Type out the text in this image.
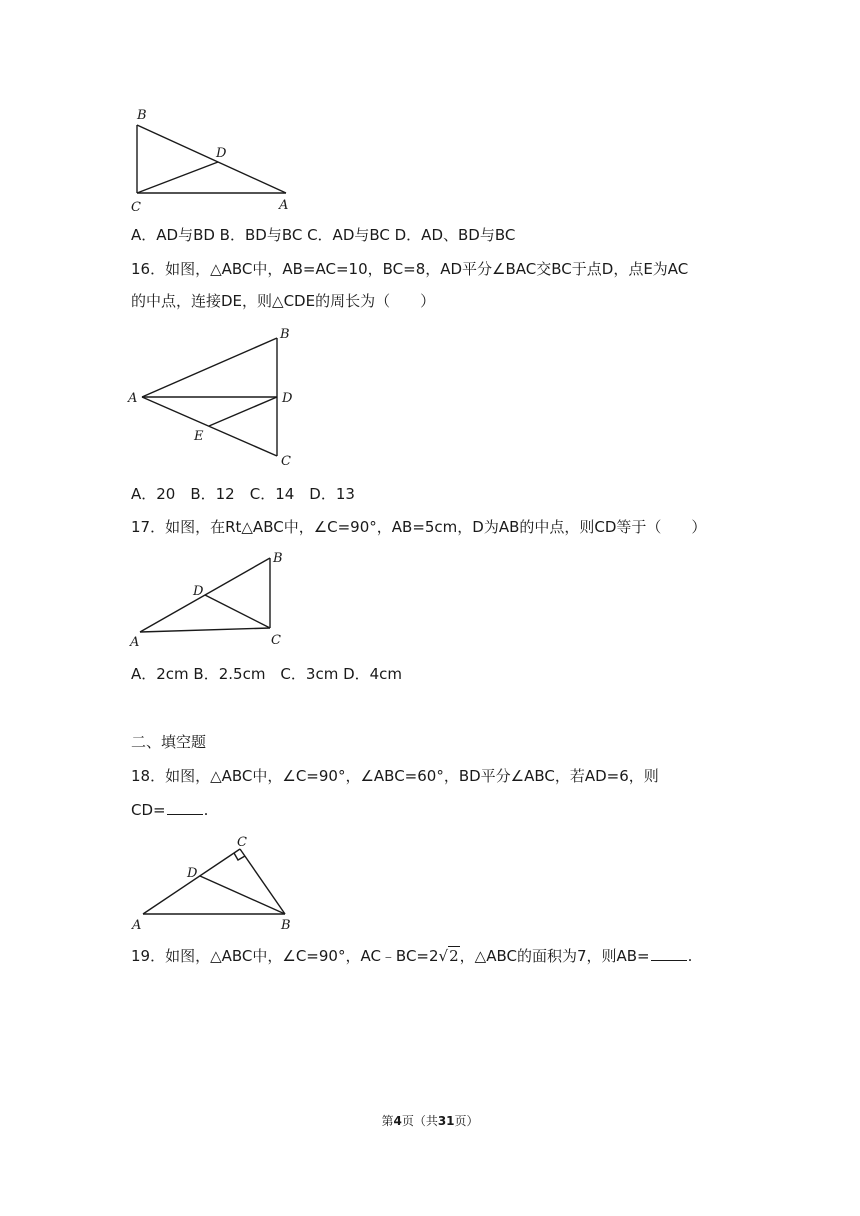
B
D
C	A
A．AD与BD B．BD与BC C．AD与BC D．AD、BD与BC
16．如图，△ABC中，AB=AC=10，BC=8，AD平分∠BAC交BC于点D，点E为AC
的中点，连接DE，则△CDE的周长为（　　）
B
A	D
E
C
A．20　B．12　C．14　D．13
17．如图，在Rt△ABC中，∠C=90°，AB=5cm，D为AB的中点，则CD等于（　　）
B
D
A	C
A．2cm B．2.5cm　C．3cm D．4cm
二、填空题
18．如图，△ABC中，∠C=90°，∠ABC=60°，BD平分∠ABC，若AD=6，则
CD=	.
C
D
A	B
19．如图，△ABC中，∠C=90°，AC﹣BC=2√2，△ABC的面积为7，则AB=	.
第4页（共31页）
